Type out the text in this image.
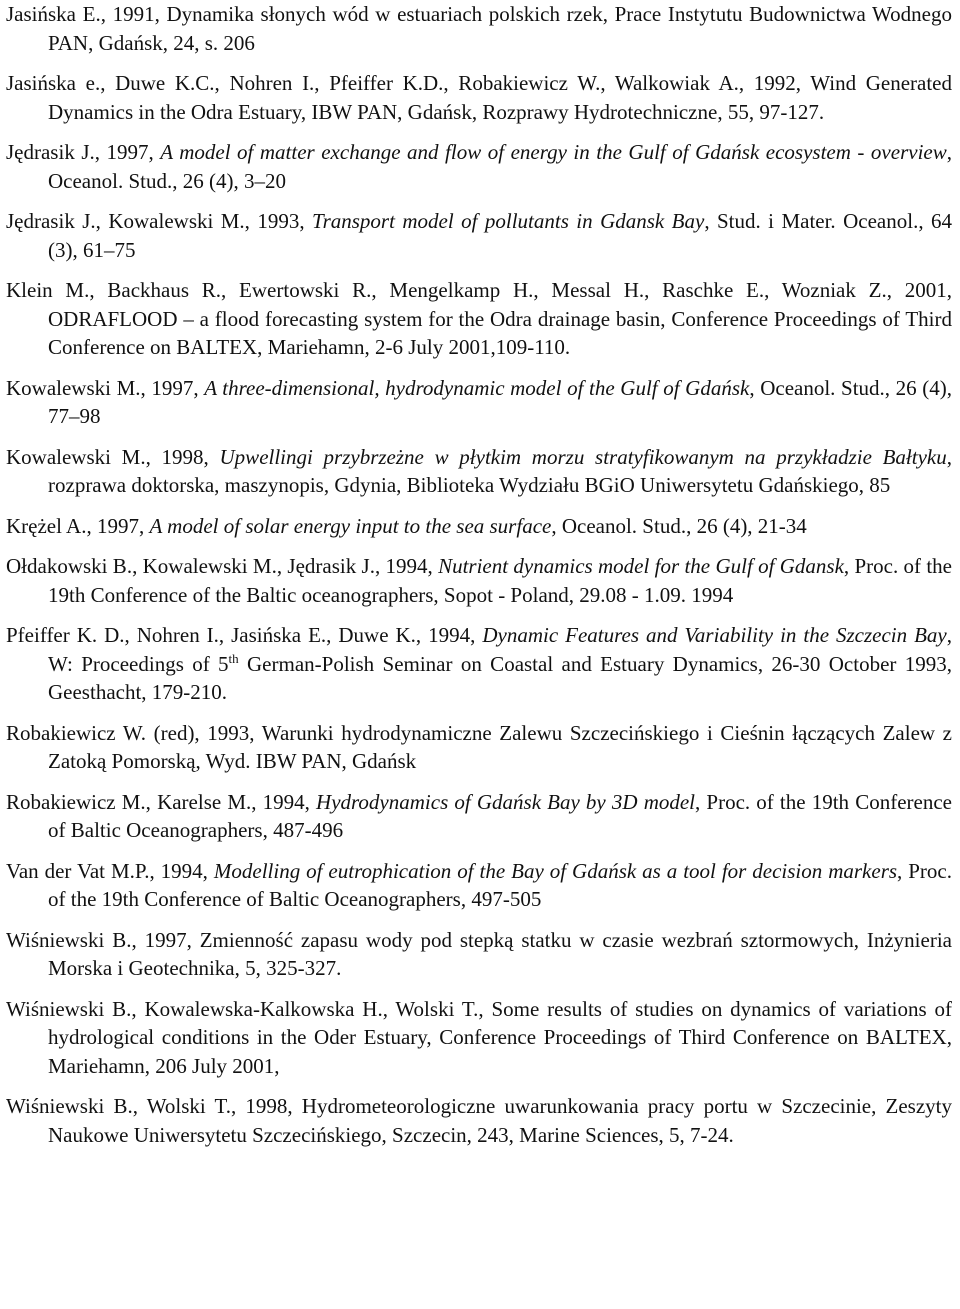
Jasińska E., 1991, Dynamika słonych wód w estuariach polskich rzek, Prace Instytutu Budownictwa Wodnego PAN, Gdańsk, 24, s. 206

Jasińska e., Duwe K.C., Nohren I., Pfeiffer K.D., Robakiewicz W., Walkowiak A., 1992, Wind Generated Dynamics in the Odra Estuary, IBW PAN, Gdańsk, Rozprawy Hydrotechniczne, 55, 97-127.

Jędrasik J., 1997, A model of matter exchange and flow of energy in the Gulf of Gdańsk ecosystem - overview, Oceanol. Stud., 26 (4), 3–20

Jędrasik J., Kowalewski M., 1993, Transport model of pollutants in Gdansk Bay, Stud. i Mater. Oceanol., 64 (3), 61–75

Klein M., Backhaus R., Ewertowski R., Mengelkamp H., Messal H., Raschke E., Wozniak Z., 2001, ODRAFLOOD – a flood forecasting system for the Odra drainage basin, Conference Proceedings of Third Conference on BALTEX, Mariehamn, 2-6 July 2001,109-110.

Kowalewski M., 1997, A three-dimensional, hydrodynamic model of the Gulf of Gdańsk, Oceanol. Stud., 26 (4), 77–98

Kowalewski M., 1998, Upwellingi przybrzeżne w płytkim morzu stratyfikowanym na przykładzie Bałtyku, rozprawa doktorska, maszynopis, Gdynia, Biblioteka Wydziału BGiO Uniwersytetu Gdańskiego, 85

Krężel A., 1997, A model of solar energy input to the sea surface, Oceanol. Stud., 26 (4), 21-34

Ołdakowski B., Kowalewski M., Jędrasik J., 1994, Nutrient dynamics model for the Gulf of Gdansk, Proc. of the 19th Conference of the Baltic oceanographers, Sopot - Poland, 29.08 - 1.09. 1994

Pfeiffer K. D., Nohren I., Jasińska E., Duwe K., 1994, Dynamic Features and Variability in the Szczecin Bay, W: Proceedings of 5th German-Polish Seminar on Coastal and Estuary Dynamics, 26-30 October 1993, Geesthacht, 179-210.

Robakiewicz W. (red), 1993, Warunki hydrodynamiczne Zalewu Szczecińskiego i Cieśnin łączących Zalew z Zatoką Pomorską, Wyd. IBW PAN, Gdańsk

Robakiewicz M., Karelse M., 1994, Hydrodynamics of Gdańsk Bay by 3D model, Proc. of the 19th Conference of Baltic Oceanographers, 487-496

Van der Vat M.P., 1994, Modelling of eutrophication of the Bay of Gdańsk as a tool for decision markers, Proc. of the 19th Conference of Baltic Oceanographers, 497-505

Wiśniewski B., 1997, Zmienność zapasu wody pod stepką statku w czasie wezbrań sztormowych, Inżynieria Morska i Geotechnika, 5, 325-327.

Wiśniewski B., Kowalewska-Kalkowska H., Wolski T., Some results of studies on dynamics of variations of hydrological conditions in the Oder Estuary, Conference Proceedings of Third Conference on BALTEX, Mariehamn, 206 July 2001,

Wiśniewski B., Wolski T., 1998, Hydrometeorologiczne uwarunkowania pracy portu w Szczecinie, Zeszyty Naukowe Uniwersytetu Szczecińskiego, Szczecin, 243, Marine Sciences, 5, 7-24.
